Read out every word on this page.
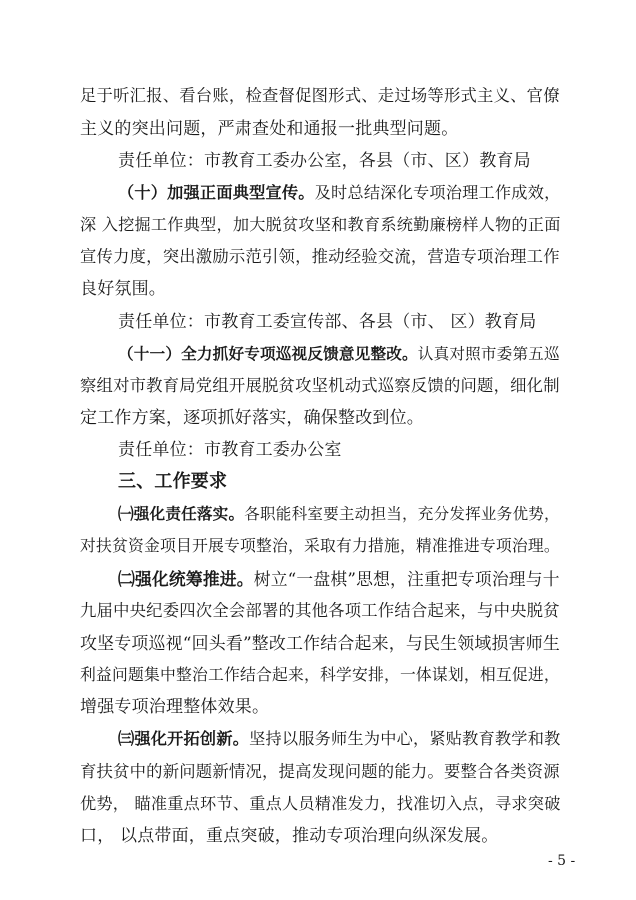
足于听汇报、看台账，检查督促图形式、走过场等形式主义、官僚
主义的突出问题，严肃查处和通报一批典型问题。
责任单位：市教育工委办公室，各县（市、区）教育局
（十）加强正面典型宣传。及时总结深化专项治理工作成效，
深 入挖掘工作典型，加大脱贫攻坚和教育系统勤廉榜样人物的正面
宣传力度，突出激励示范引领，推动经验交流，营造专项治理工作
良好氛围。
责任单位：市教育工委宣传部、各县（市、 区）教育局
（十一）全力抓好专项巡视反馈意见整改。认真对照市委第五巡
察组对市教育局党组开展脱贫攻坚机动式巡察反馈的问题，细化制
定工作方案，逐项抓好落实，确保整改到位。
责任单位：市教育工委办公室
三、工作要求
㈠强化责任落实。各职能科室要主动担当，充分发挥业务优势，
对扶贫资金项目开展专项整治，采取有力措施，精准推进专项治理。
㈡强化统筹推进。树立“一盘棋”思想，注重把专项治理与十
九届中央纪委四次全会部署的其他各项工作结合起来，与中央脱贫
攻坚专项巡视“回头看”整改工作结合起来，与民生领域损害师生
利益问题集中整治工作结合起来，科学安排，一体谋划，相互促进，
增强专项治理整体效果。
㈢强化开拓创新。坚持以服务师生为中心，紧贴教育教学和教
育扶贫中的新问题新情况，提高发现问题的能力。要整合各类资源
优势， 瞄准重点环节、重点人员精准发力，找准切入点，寻求突破
口， 以点带面，重点突破，推动专项治理向纵深发展。
- 5 -
